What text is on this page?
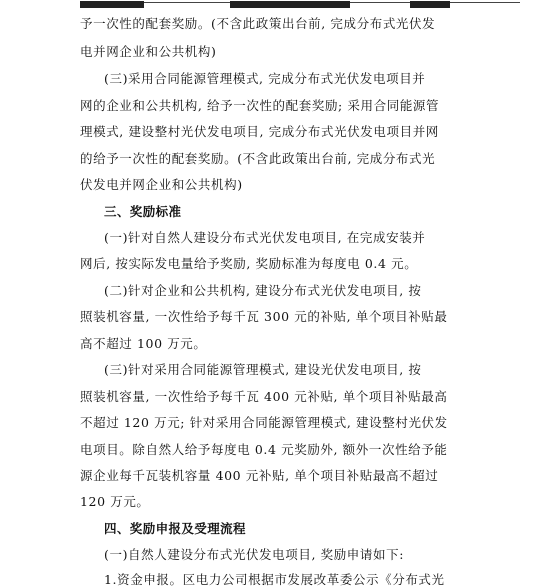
予一次性的配套奖励。(不含此政策出台前, 完成分布式光伏发
电并网企业和公共机构)
(三)采用合同能源管理模式, 完成分布式光伏发电项目并
网的企业和公共机构, 给予一次性的配套奖励; 采用合同能源管
理模式, 建设整村光伏发电项目, 完成分布式光伏发电项目并网
的给予一次性的配套奖励。(不含此政策出台前, 完成分布式光
伏发电并网企业和公共机构)
三、奖励标准
(一)针对自然人建设分布式光伏发电项目, 在完成安装并
网后, 按实际发电量给予奖励, 奖励标准为每度电 0.4 元。
(二)针对企业和公共机构, 建设分布式光伏发电项目, 按
照装机容量, 一次性给予每千瓦 300 元的补贴, 单个项目补贴最
高不超过 100 万元。
(三)针对采用合同能源管理模式, 建设光伏发电项目, 按
照装机容量, 一次性给予每千瓦 400 元补贴, 单个项目补贴最高
不超过 120 万元; 针对采用合同能源管理模式, 建设整村光伏发
电项目。除自然人给予每度电 0.4 元奖励外, 额外一次性给予能
源企业每千瓦装机容量 400 元补贴, 单个项目补贴最高不超过
120 万元。
四、奖励申报及受理流程
(一)自然人建设分布式光伏发电项目, 奖励申请如下:
1.资金申报。区电力公司根据市发展改革委公示《分布式光
